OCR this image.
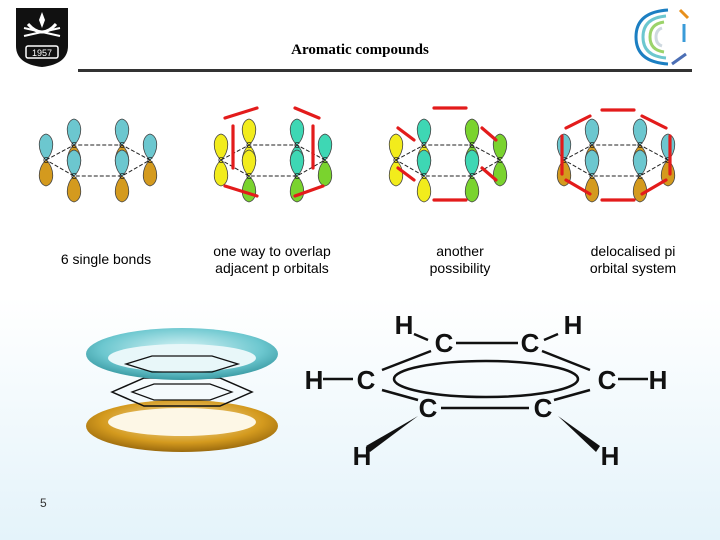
1957	Aromatic compounds
C
C	C
C
C
C
C
C	C
C
C
C
C
C	C
C
C
C
C
C	C
C
C
C
6 single bonds	one way to overlap
adjacent p orbitals
another
possibility
delocalised pi
orbital system
H
C	C
H
H C	C H
C	C
H	H
5
